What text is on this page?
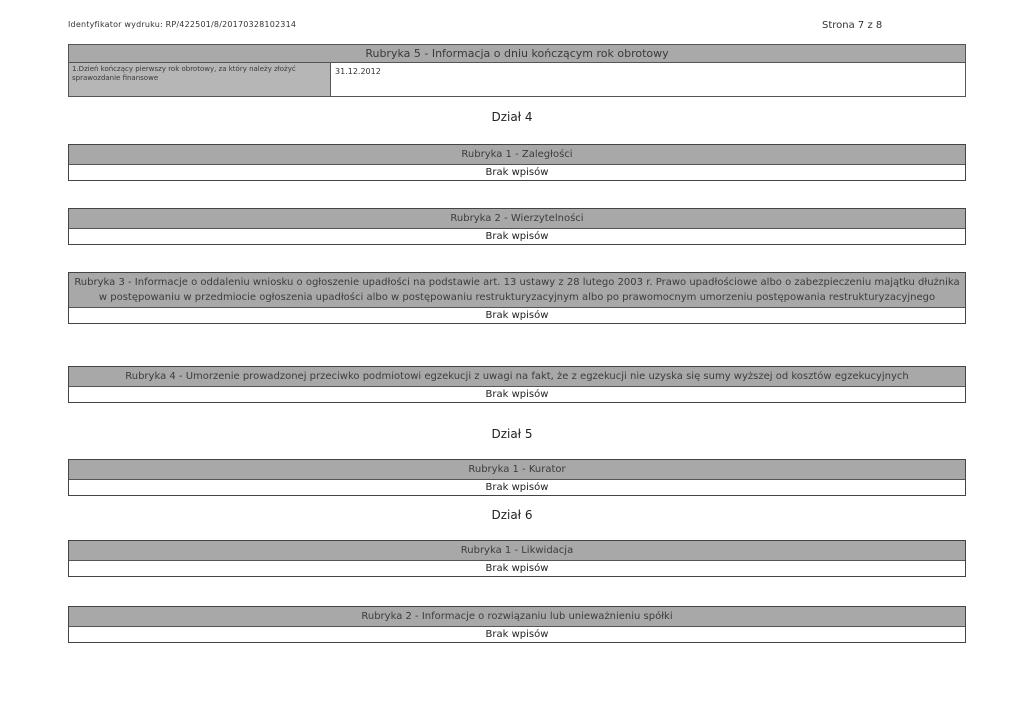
Identyfikator wydruku: RP/422501/8/20170328102314	Strona 7 z 8
Rubryka 5 - Informacja o dniu kończącym rok obrotowy
1.Dzień kończący pierwszy rok obrotowy, za który należy złożyć sprawozdanie finansowe
31.12.2012
Dział 4
Rubryka 1 - Zaległości
Brak wpisów
Rubryka 2 - Wierzytelności
Brak wpisów
Rubryka 3 - Informacje o oddaleniu wniosku o ogłoszenie upadłości na podstawie art. 13 ustawy z 28 lutego 2003 r. Prawo upadłościowe albo o zabezpieczeniu majątku dłużnika w postępowaniu w przedmiocie ogłoszenia upadłości albo w postępowaniu restrukturyzacyjnym albo po prawomocnym umorzeniu postępowania restrukturyzacyjnego
Brak wpisów
Rubryka 4 - Umorzenie prowadzonej przeciwko podmiotowi egzekucji z uwagi na fakt, że z egzekucji nie uzyska się sumy wyższej od kosztów egzekucyjnych
Brak wpisów
Dział 5
Rubryka 1 - Kurator
Brak wpisów
Dział 6
Rubryka 1 - Likwidacja
Brak wpisów
Rubryka 2 - Informacje o rozwiązaniu lub unieważnieniu spółki
Brak wpisów
